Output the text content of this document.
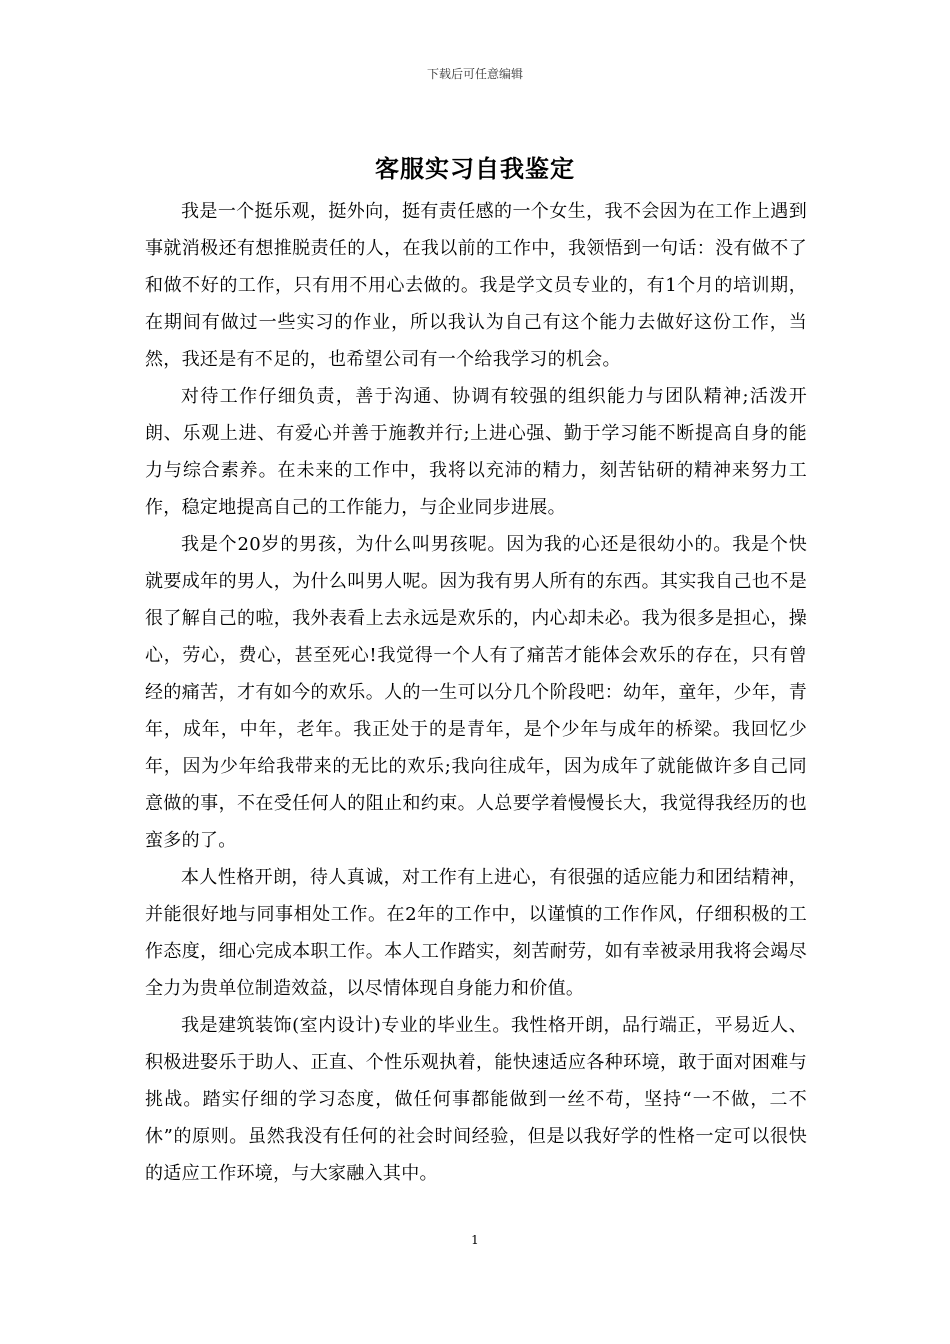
下载后可任意编辑
客服实习自我鉴定

我是一个挺乐观，挺外向，挺有责任感的一个女生，我不会因为在工作上遇到事就消极还有想推脱责任的人，在我以前的工作中，我领悟到一句话：没有做不了和做不好的工作，只有用不用心去做的。我是学文员专业的，有1个月的培训期，在期间有做过一些实习的作业，所以我认为自己有这个能力去做好这份工作，当然，我还是有不足的，也希望公司有一个给我学习的机会。

对待工作仔细负责，善于沟通、协调有较强的组织能力与团队精神;活泼开朗、乐观上进、有爱心并善于施教并行;上进心强、勤于学习能不断提高自身的能力与综合素养。在未来的工作中，我将以充沛的精力，刻苦钻研的精神来努力工作，稳定地提高自己的工作能力，与企业同步进展。

我是个20岁的男孩，为什么叫男孩呢。因为我的心还是很幼小的。我是个快就要成年的男人，为什么叫男人呢。因为我有男人所有的东西。其实我自己也不是很了解自己的啦，我外表看上去永远是欢乐的，内心却未必。我为很多是担心，操心，劳心，费心，甚至死心!我觉得一个人有了痛苦才能体会欢乐的存在，只有曾经的痛苦，才有如今的欢乐。人的一生可以分几个阶段吧：幼年，童年，少年，青年，成年，中年，老年。我正处于的是青年，是个少年与成年的桥梁。我回忆少年，因为少年给我带来的无比的欢乐;我向往成年，因为成年了就能做许多自己同意做的事，不在受任何人的阻止和约束。人总要学着慢慢长大，我觉得我经历的也蛮多的了。

本人性格开朗，待人真诚，对工作有上进心，有很强的适应能力和团结精神，并能很好地与同事相处工作。在2年的工作中，以谨慎的工作作风，仔细积极的工作态度，细心完成本职工作。本人工作踏实，刻苦耐劳，如有幸被录用我将会竭尽全力为贵单位制造效益，以尽情体现自身能力和价值。

我是建筑装饰(室内设计)专业的毕业生。我性格开朗，品行端正，平易近人、积极进娶乐于助人、正直、个性乐观执着，能快速适应各种环境，敢于面对困难与挑战。踏实仔细的学习态度，做任何事都能做到一丝不苟，坚持“一不做，二不休”的原则。虽然我没有任何的社会时间经验，但是以我好学的性格一定可以很快的适应工作环境，与大家融入其中。

1
